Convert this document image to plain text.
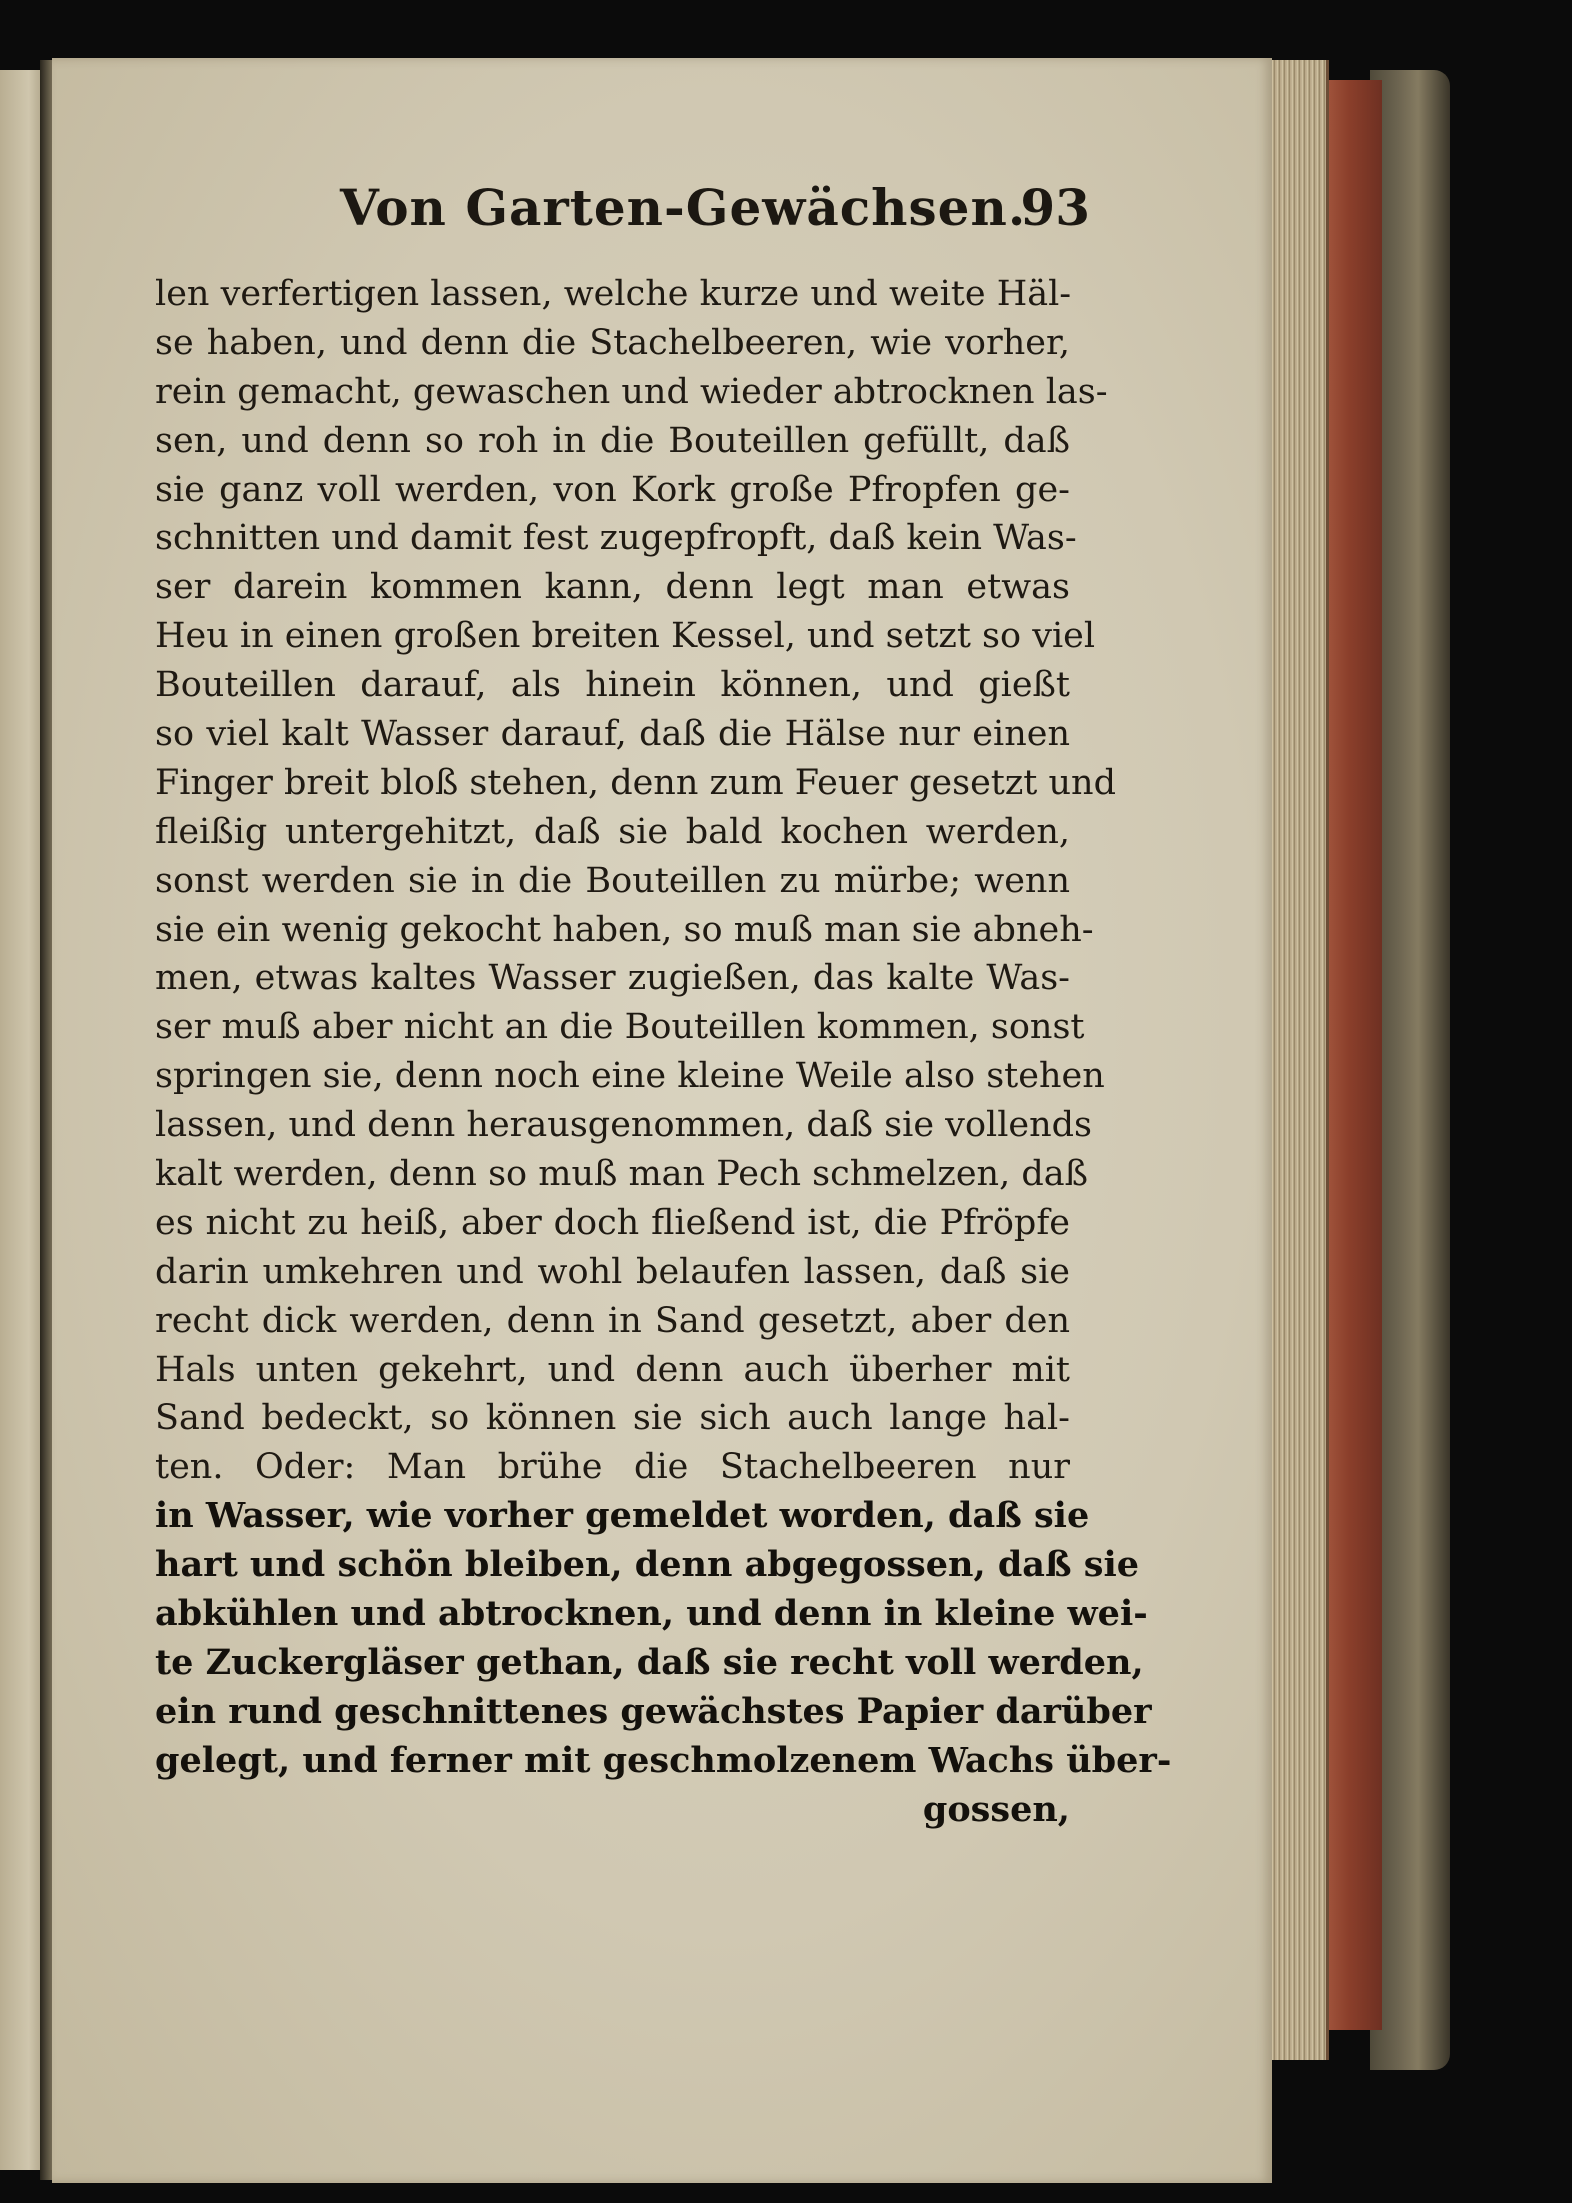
Von Garten-Gewächsen.

93

len verfertigen lassen, welche kurze und weite Häl-
se haben, und denn die Stachelbeeren, wie vorher,
rein gemacht, gewaschen und wieder abtrocknen las-
sen, und denn so roh in die Bouteillen gefüllt, daß
sie ganz voll werden, von Kork große Pfropfen ge-
schnitten und damit fest zugepfropft, daß kein Was-
ser darein kommen kann, denn legt man etwas
Heu in einen großen breiten Kessel, und setzt so viel
Bouteillen darauf, als hinein können, und gießt
so viel kalt Wasser darauf, daß die Hälse nur einen
Finger breit bloß stehen, denn zum Feuer gesetzt und
fleißig untergehitzt, daß sie bald kochen werden,
sonst werden sie in die Bouteillen zu mürbe; wenn
sie ein wenig gekocht haben, so muß man sie abneh-
men, etwas kaltes Wasser zugießen, das kalte Was-
ser muß aber nicht an die Bouteillen kommen, sonst
springen sie, denn noch eine kleine Weile also stehen
lassen, und denn herausgenommen, daß sie vollends
kalt werden, denn so muß man Pech schmelzen, daß
es nicht zu heiß, aber doch fließend ist, die Pfröpfe
darin umkehren und wohl belaufen lassen, daß sie
recht dick werden, denn in Sand gesetzt, aber den
Hals unten gekehrt, und denn auch überher mit
Sand bedeckt, so können sie sich auch lange hal-
ten. Oder: Man brühe die Stachelbeeren nur
in Wasser, wie vorher gemeldet worden, daß sie
hart und schön bleiben, denn abgegossen, daß sie
abkühlen und abtrocknen, und denn in kleine wei-
te Zuckergläser gethan, daß sie recht voll werden,
ein rund geschnittenes gewächstes Papier darüber
gelegt, und ferner mit geschmolzenem Wachs über-
gossen,
